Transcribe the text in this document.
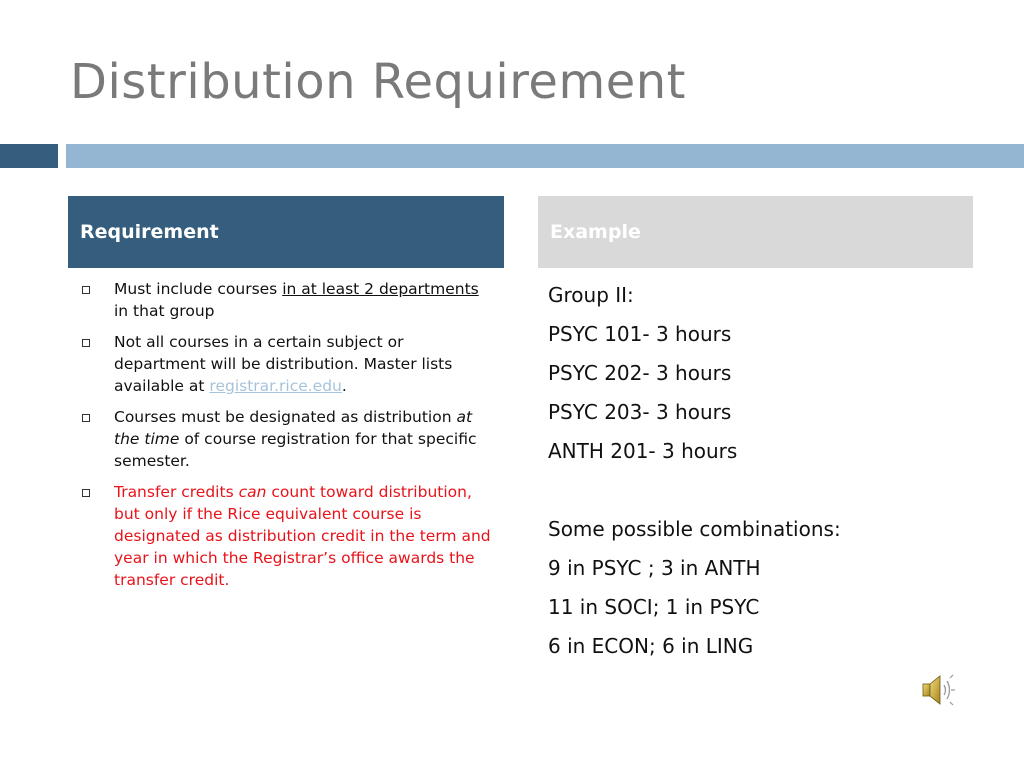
Distribution Requirement
Requirement	Example
Must include courses in at least 2 departments in that group
Not all courses in a certain subject or department will be distribution. Master lists available at registrar.rice.edu.
Courses must be designated as distribution at the time of course registration for that specific semester.
Transfer credits can count toward distribution, but only if the Rice equivalent course is designated as distribution credit in the term and year in which the Registrar’s office awards the transfer credit.
Group II:
PSYC 101- 3 hours
PSYC 202- 3 hours
PSYC 203- 3 hours
ANTH 201- 3 hours
Some possible combinations:
9 in PSYC ; 3 in ANTH
11 in SOCI; 1 in PSYC
6 in ECON; 6 in LING
